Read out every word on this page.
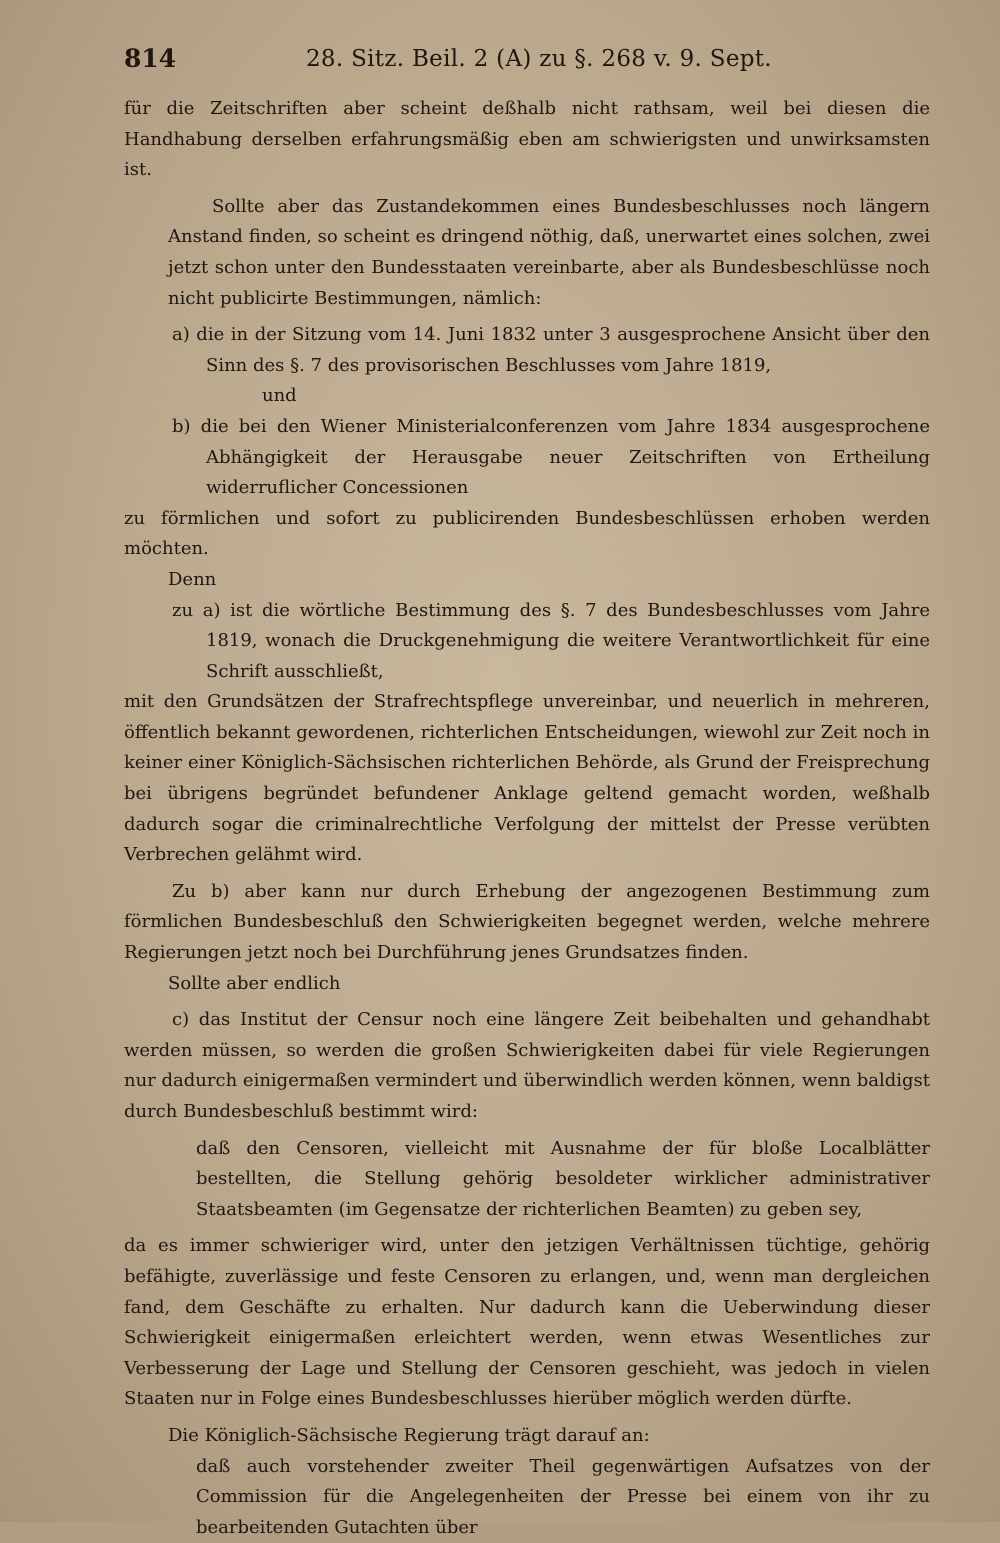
814	28. Sitz. Beil. 2 (A) zu §. 268 v. 9. Sept.

für die Zeitschriften aber scheint deßhalb nicht rathsam, weil bei diesen die Handhabung derselben erfahrungsmäßig eben am schwierigsten und unwirksamsten ist.

Sollte aber das Zustandekommen eines Bundesbeschlusses noch längern Anstand finden, so scheint es dringend nöthig, daß, unerwartet eines solchen, zwei jetzt schon unter den Bundesstaaten vereinbarte, aber als Bundesbeschlüsse noch nicht publicirte Bestimmungen, nämlich:

a) die in der Sitzung vom 14. Juni 1832 unter 3 ausgesprochene Ansicht über den Sinn des §. 7 des provisorischen Beschlusses vom Jahre 1819,

und

b) die bei den Wiener Ministerialconferenzen vom Jahre 1834 ausgesprochene Abhängigkeit der Herausgabe neuer Zeitschriften von Ertheilung widerruflicher Concessionen

zu förmlichen und sofort zu publicirenden Bundesbeschlüssen erhoben werden möchten.

Denn

zu a) ist die wörtliche Bestimmung des §. 7 des Bundesbeschlusses vom Jahre 1819, wonach die Druckgenehmigung die weitere Verantwortlichkeit für eine Schrift ausschließt,

mit den Grundsätzen der Strafrechtspflege unvereinbar, und neuerlich in mehreren, öffentlich bekannt gewordenen, richterlichen Entscheidungen, wiewohl zur Zeit noch in keiner einer Königlich-Sächsischen richterlichen Behörde, als Grund der Freisprechung bei übrigens begründet befundener Anklage geltend gemacht worden, weßhalb dadurch sogar die criminalrechtliche Verfolgung der mittelst der Presse verübten Verbrechen gelähmt wird.

Zu b) aber kann nur durch Erhebung der angezogenen Bestimmung zum förmlichen Bundesbeschluß den Schwierigkeiten begegnet werden, welche mehrere Regierungen jetzt noch bei Durchführung jenes Grundsatzes finden.

Sollte aber endlich

c) das Institut der Censur noch eine längere Zeit beibehalten und gehandhabt werden müssen, so werden die großen Schwierigkeiten dabei für viele Regierungen nur dadurch einigermaßen vermindert und überwindlich werden können, wenn baldigst durch Bundesbeschluß bestimmt wird:

daß den Censoren, vielleicht mit Ausnahme der für bloße Localblätter bestellten, die Stellung gehörig besoldeter wirklicher administrativer Staatsbeamten (im Gegensatze der richterlichen Beamten) zu geben sey,

da es immer schwieriger wird, unter den jetzigen Verhältnissen tüchtige, gehörig befähigte, zuverlässige und feste Censoren zu erlangen, und, wenn man dergleichen fand, dem Geschäfte zu erhalten. Nur dadurch kann die Ueberwindung dieser Schwierigkeit einigermaßen erleichtert werden, wenn etwas Wesentliches zur Verbesserung der Lage und Stellung der Censoren geschieht, was jedoch in vielen Staaten nur in Folge eines Bundesbeschlusses hierüber möglich werden dürfte.

Die Königlich-Sächsische Regierung trägt darauf an:

daß auch vorstehender zweiter Theil gegenwärtigen Aufsatzes von der Commission für die Angelegenheiten der Presse bei einem von ihr zu bearbeitenden Gutachten über
